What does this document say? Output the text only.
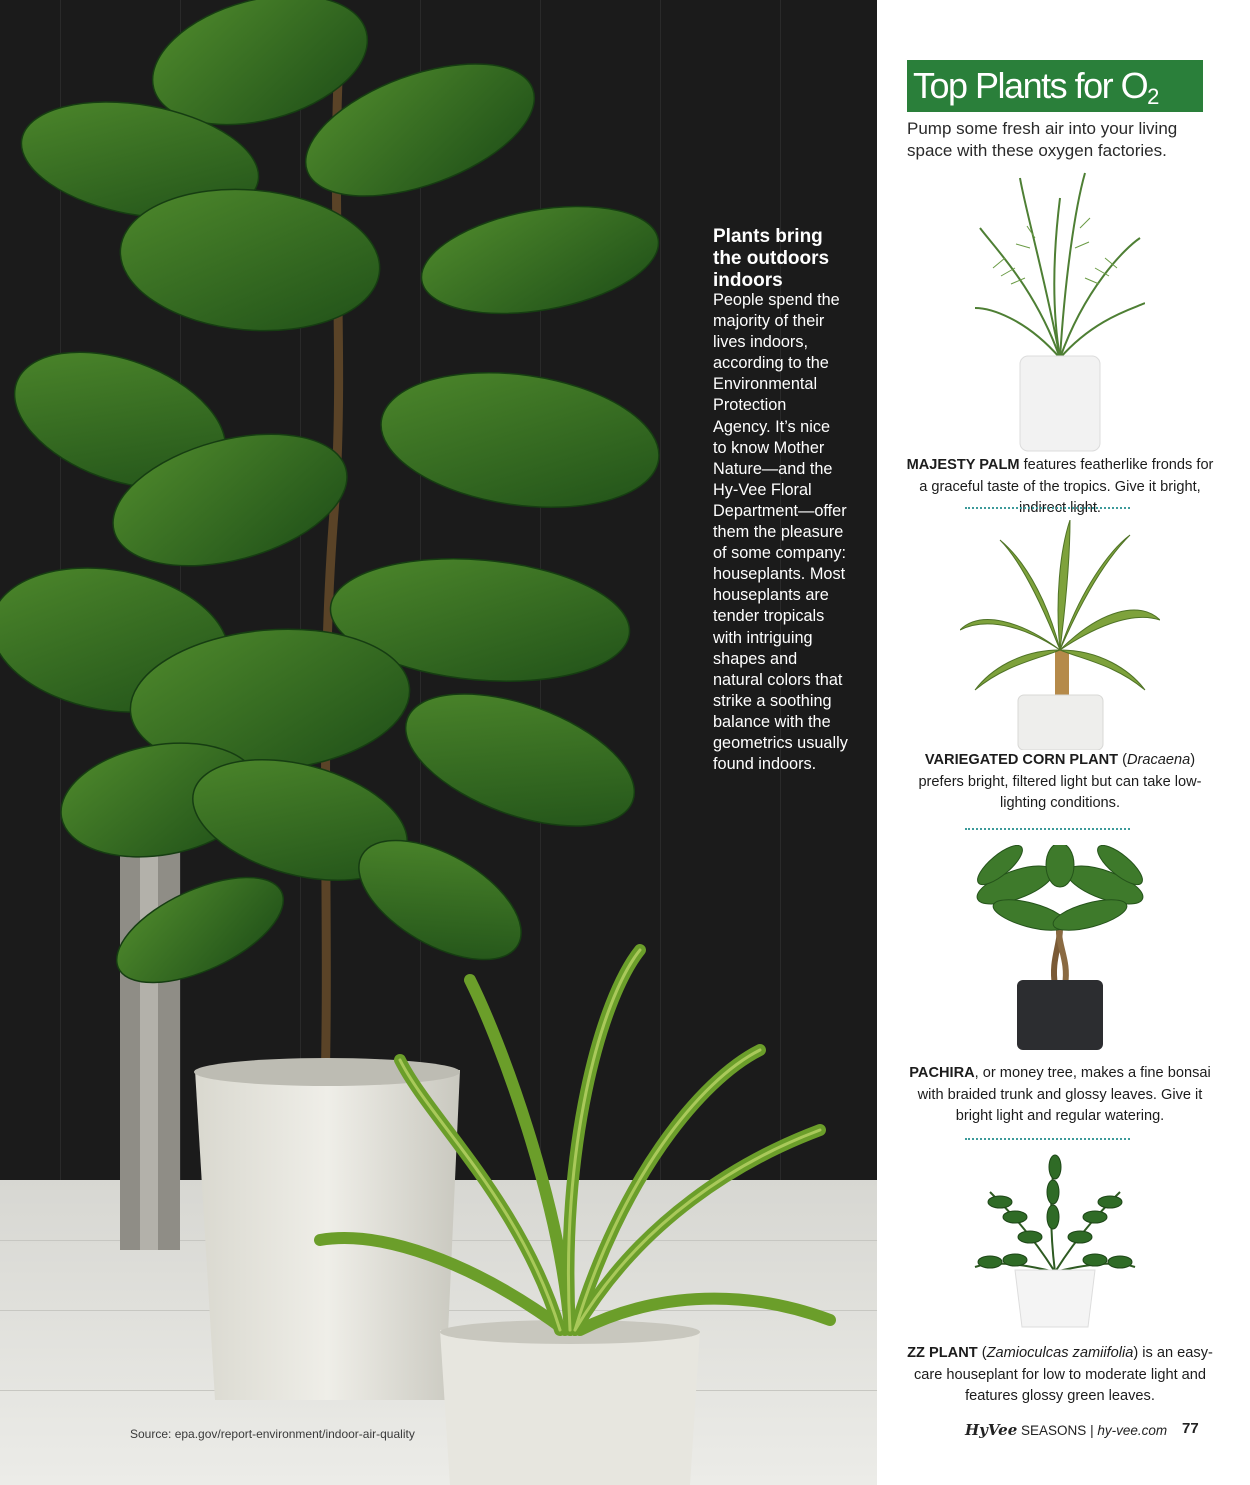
Plants bring
the outdoors
indoors

People spend the
majority of their
lives indoors,
according to the
Environmental
Protection
Agency. It’s nice
to know Mother
Nature—and the
Hy-Vee Floral
Department—offer
them the pleasure
of some company:
houseplants. Most
houseplants are
tender tropicals
with intriguing
shapes and
natural colors that
strike a soothing
balance with the
geometrics usually
found indoors.

Source: epa.gov/report-environment/indoor-air-quality
Top Plants for $O_2$

Pump some fresh air into your living space with these oxygen factories.

MAJESTY PALM features featherlike fronds for a graceful taste of the tropics. Give it bright, indirect light.

VARIEGATED CORN PLANT (Dracaena) prefers bright, filtered light but can take low-lighting conditions.

PACHIRA, or money tree, makes a fine bonsai with braided trunk and glossy leaves. Give it bright light and regular watering.

ZZ PLANT (Zamioculcas zamiifolia) is an easy-care houseplant for low to moderate light and features glossy green leaves.

HyVee SEASONS | hy-vee.com 77
